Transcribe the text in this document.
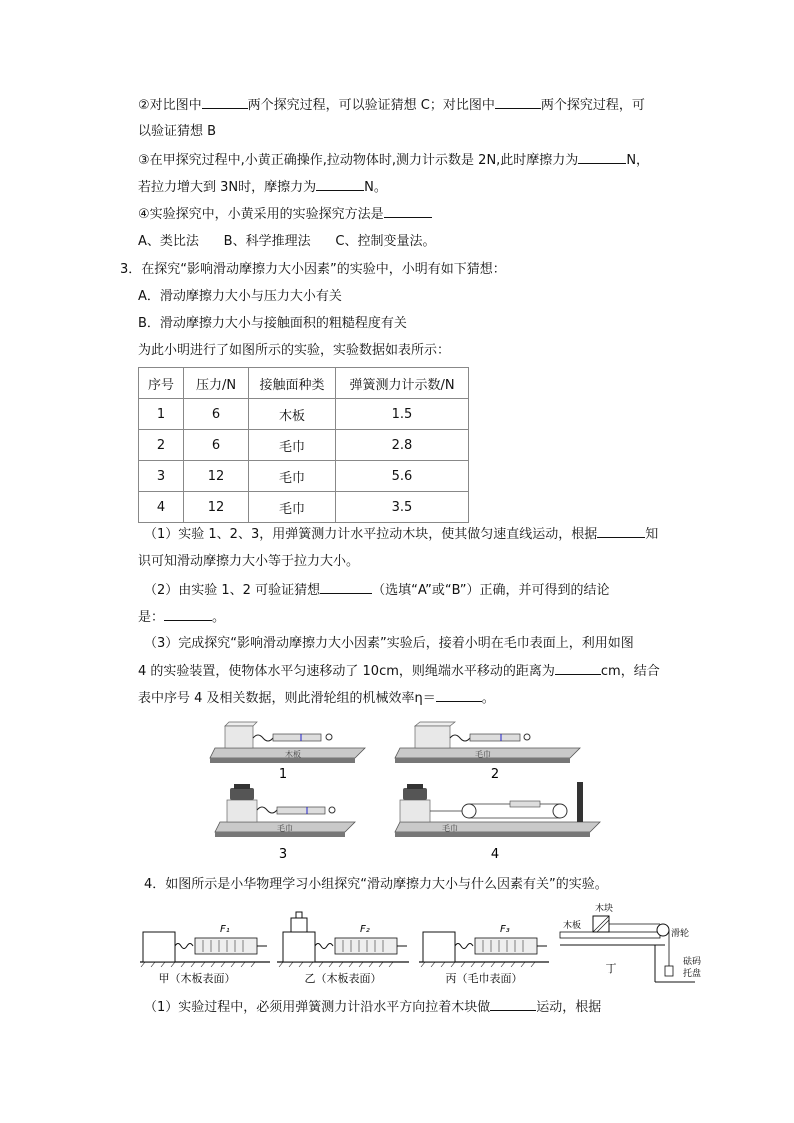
②对比图中	两个探究过程，可以验证猜想 C；对比图中	两个探究过程，可
以验证猜想 B
③在甲探究过程中,小黄正确操作,拉动物体时,测力计示数是 2N,此时摩擦力为	N，
若拉力增大到 3N时，摩擦力为	N。
④实验探究中，小黄采用的实验探究方法是
A、类比法      B、科学推理法      C、控制变量法。
3．在探究“影响滑动摩擦力大小因素”的实验中，小明有如下猜想：
A．滑动摩擦力大小与压力大小有关
B．滑动摩擦力大小与接触面积的粗糙程度有关
为此小明进行了如图所示的实验，实验数据如表所示：
序号	压力/N	接触面种类	弹簧测力计示数/N
1	6	木板	1.5
2	6	毛巾	2.8
3	12	毛巾	5.6
4	12	毛巾	3.5
（1）实验 1、2、3，用弹簧测力计水平拉动木块，使其做匀速直线运动，根据	知
识可知滑动摩擦力大小等于拉力大小。
（2）由实验 1、2 可验证猜想	（选填“A”或“B”）正确，并可得到的结论
是：	。
（3）完成探究“影响滑动摩擦力大小因素”实验后，接着小明在毛巾表面上，利用如图
4 的实验装置，使物体水平匀速移动了 10cm，则绳端水平移动的距离为	cm，结合
表中序号 4 及相关数据，则此滑轮组的机械效率η＝	。
木板
1
毛巾
2
毛巾
3
毛巾
4
4．如图所示是小华物理学习小组探究“滑动摩擦力大小与什么因素有关”的实验。
F₁
甲（木板表面）
F₂
乙（木板表面）
F₃
丙（毛巾表面）
木块
木板
滑轮
砝码
托盘
丁
（1）实验过程中，必须用弹簧测力计沿水平方向拉着木块做	运动，根据
